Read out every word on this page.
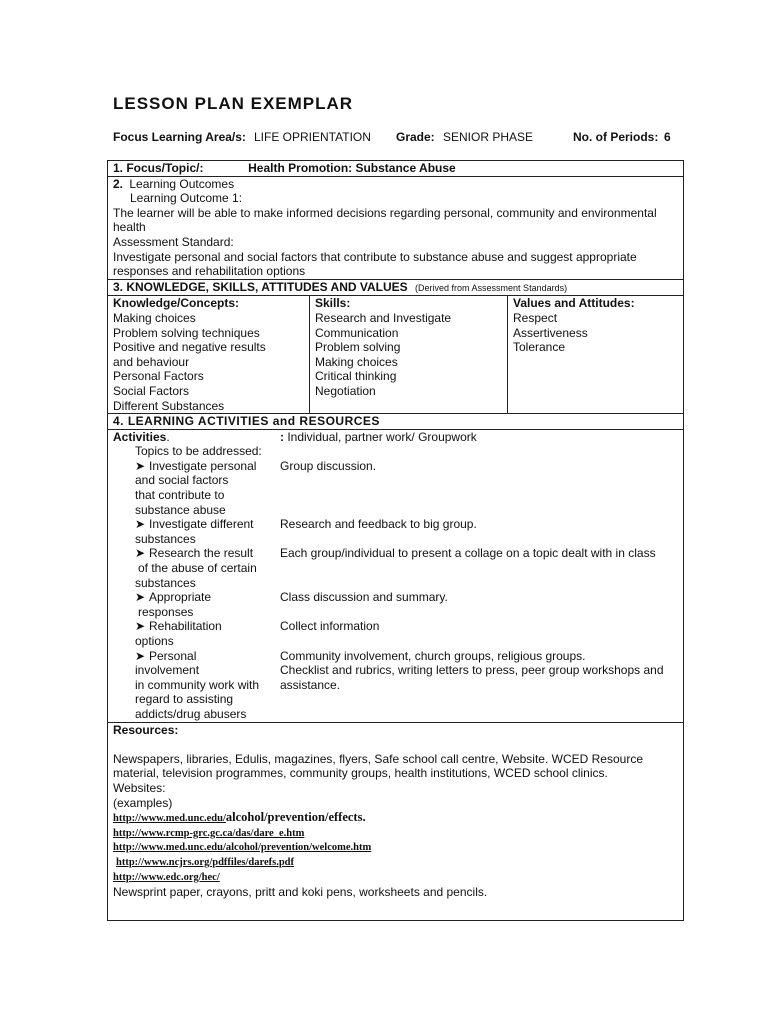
LESSON PLAN EXEMPLAR
Focus Learning Area/s: LIFE OPRIENTATION Grade: SENIOR PHASE	No. of Periods: 6
1. Focus/Topic/:	Health Promotion: Substance Abuse

2. Learning Outcomes
Learning Outcome 1:
The learner will be able to make informed decisions regarding personal, community and environmental health
Assessment Standard:
Investigate personal and social factors that contribute to substance abuse and suggest appropriate responses and rehabilitation options

3. KNOWLEDGE, SKILLS, ATTITUDES AND VALUES (Derived from Assessment Standards)

Knowledge/Concepts:
Making choices
Problem solving techniques
Positive and negative results
and behaviour
Personal Factors
Social Factors
Different Substances

Skills:
Research and Investigate
Communication
Problem solving
Making choices
Critical thinking
Negotiation

Values and Attitudes:
Respect
Assertiveness
Tolerance

4. LEARNING ACTIVITIES and RESOURCES

Activities.	: Individual, partner work/ Groupwork
Topics to be addressed:
➤ Investigate personal
and social factors
that contribute to
substance abuse
Group discussion.
➤ Investigate different
substances
Research and feedback to big group.
➤ Research the result
of the abuse of certain
substances
Each group/individual to present a collage on a topic dealt with in class
➤ Appropriate
responses
Class discussion and summary.
➤ Rehabilitation
options
Collect information
➤ Personal
involvement
in community work with
regard to assisting
addicts/drug abusers
Community involvement, church groups, religious groups.
Checklist and rubrics, writing letters to press, peer group workshops and
assistance.

Resources:
Newspapers, libraries, Edulis, magazines, flyers, Safe school call centre, Website. WCED Resource
material, television programmes, community groups, health institutions, WCED school clinics.
Websites:
(examples)
http://www.med.unc.edu/alcohol/prevention/effects.
http://www.rcmp-grc.gc.ca/das/dare_e.htm
http://www.med.unc.edu/alcohol/prevention/welcome.htm
http://www.ncjrs.org/pdffiles/darefs.pdf
http://www.edc.org/hec/
Newsprint paper, crayons, pritt and koki pens, worksheets and pencils.
